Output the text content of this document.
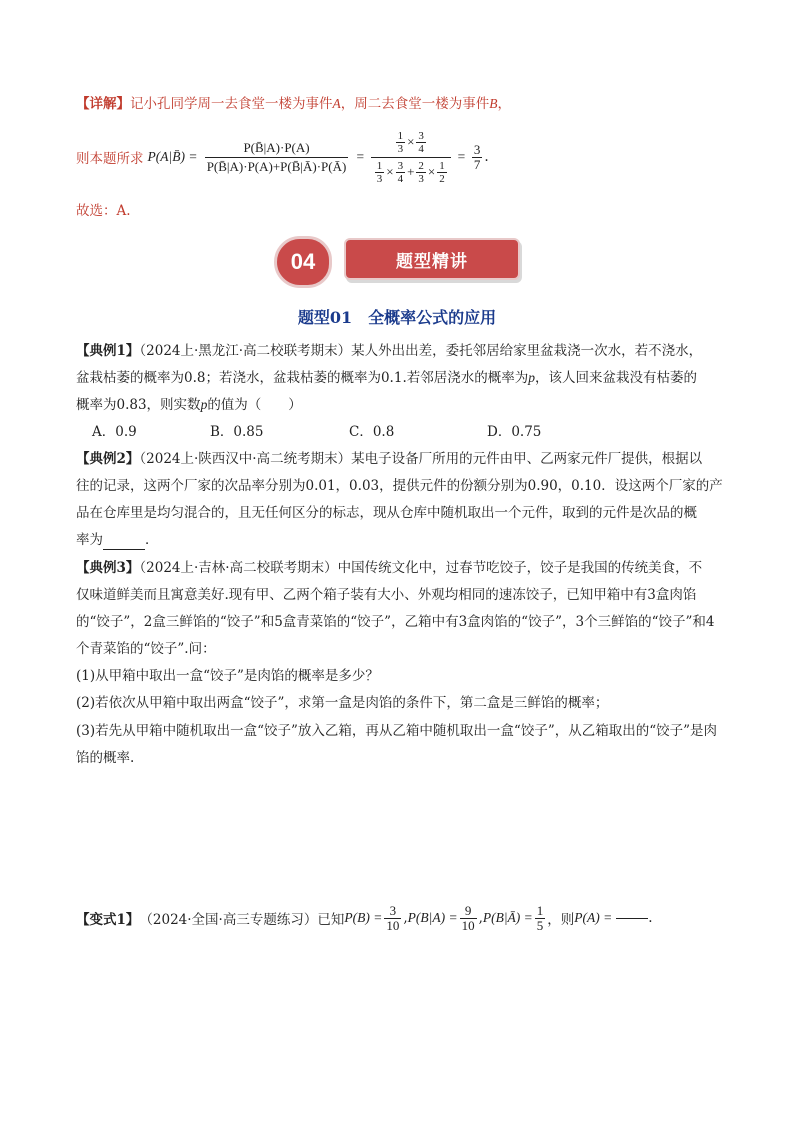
【详解】记小孔同学周一去食堂一楼为事件A，周二去食堂一楼为事件B，
则本题所求 P(A|B̄) = $\frac{P(B̄|A)\cdot P(A)}{P(B̄|A)\cdot P(A)+P(B̄|Ā)\cdot P(Ā)} = \frac{\frac{1}{3} \times \frac{3}{4}}{\frac{1}{3} \times \frac{3}{4} + \frac{2}{3} \times \frac{1}{2}} = \frac{3}{7}$ .
故选：A.
04	题型精讲
题型01　全概率公式的应用
【典例1】（2024上·黑龙江·高二校联考期末）某人外出出差，委托邻居给家里盆栽浇一次水，若不浇水，
盆栽枯萎的概率为0.8；若浇水，盆栽枯萎的概率为0.1.若邻居浇水的概率为p，该人回来盆栽没有枯萎的
概率为0.83，则实数p的值为（　　）
A．0.9	B．0.85	C．0.8	D．0.75
【典例2】（2024上·陕西汉中·高二统考期末）某电子设备厂所用的元件由甲、乙两家元件厂提供，根据以
往的记录，这两个厂家的次品率分别为0.01，0.03，提供元件的份额分别为0.90，0.10．设这两个厂家的产
品在仓库里是均匀混合的，且无任何区分的标志，现从仓库中随机取出一个元件，取到的元件是次品的概
率为	．
【典例3】（2024上·吉林·高二校联考期末）中国传统文化中，过春节吃饺子，饺子是我国的传统美食，不
仅味道鲜美而且寓意美好.现有甲、乙两个箱子装有大小、外观均相同的速冻饺子，已知甲箱中有3盒肉馅
的“饺子”，2盒三鲜馅的“饺子”和5盒青菜馅的“饺子”，乙箱中有3盒肉馅的“饺子”，3个三鲜馅的“饺子”和4
个青菜馅的“饺子”.问：
(1)从甲箱中取出一盒“饺子”是肉馅的概率是多少？
(2)若依次从甲箱中取出两盒“饺子”，求第一盒是肉馅的条件下，第二盒是三鲜馅的概率；
(3)若先从甲箱中随机取出一盒“饺子”放入乙箱，再从乙箱中随机取出一盒“饺子”，从乙箱取出的“饺子”是肉
馅的概率.
【变式1】 （2024·全国·高三专题练习）已知 $P(B) = \frac{3}{10}$ , $P(B|A) = \frac{9}{10}$ , P(B|Ā) = $\frac{1}{5}$ ，则 P(A) =	.
